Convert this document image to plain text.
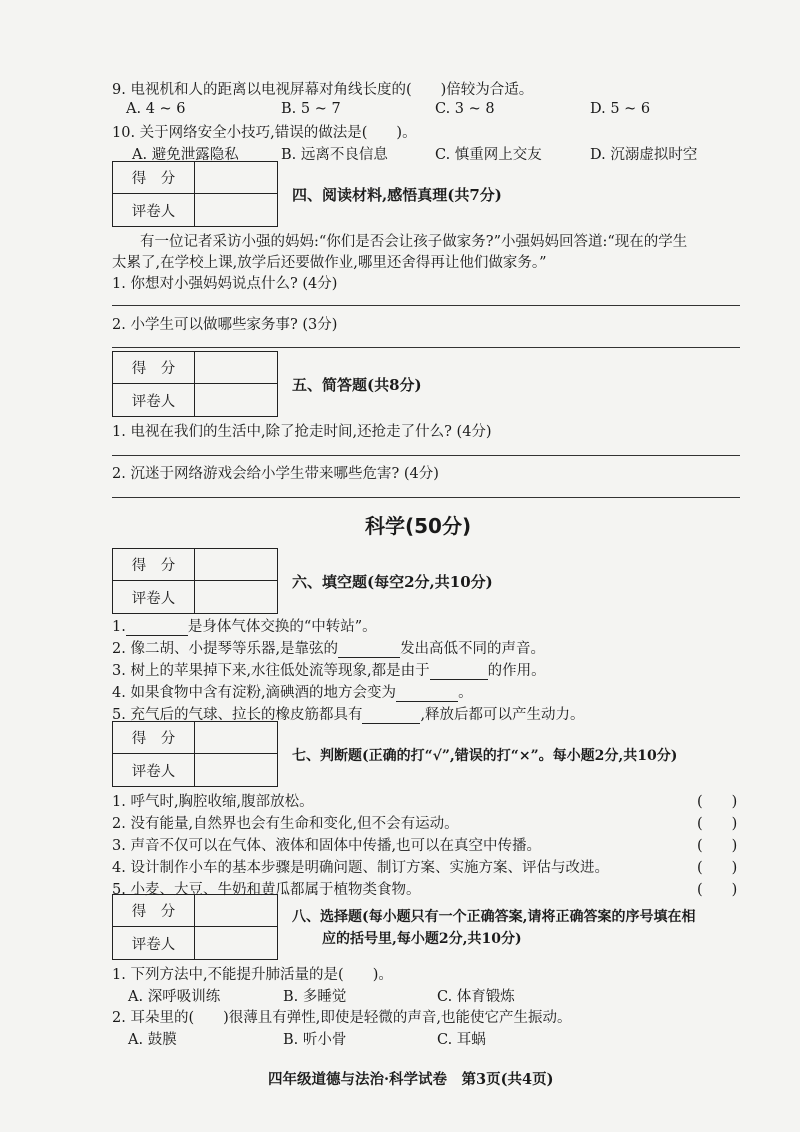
9. 电视机和人的距离以电视屏幕对角线长度的(　　)倍较为合适。
A. 4 ~ 6	B. 5 ~ 7	C. 3 ~ 8	D. 5 ~ 6
10. 关于网络安全小技巧,错误的做法是(　　)。
A. 避免泄露隐私	B. 远离不良信息	C. 慎重网上交友	D. 沉溺虚拟时空
得　分
评卷人
四、阅读材料,感悟真理(共7分)
有一位记者采访小强的妈妈:“你们是否会让孩子做家务?”小强妈妈回答道:“现在的学生
太累了,在学校上课,放学后还要做作业,哪里还舍得再让他们做家务。”
1. 你想对小强妈妈说点什么? (4分)
2. 小学生可以做哪些家务事? (3分)
得　分
评卷人
五、简答题(共8分)
1. 电视在我们的生活中,除了抢走时间,还抢走了什么? (4分)
2. 沉迷于网络游戏会给小学生带来哪些危害? (4分)
科学(50分)
得　分
评卷人
六、填空题(每空2分,共10分)
1.	是身体气体交换的“中转站”。
2. 像二胡、小提琴等乐器,是靠弦的	发出高低不同的声音。
3. 树上的苹果掉下来,水往低处流等现象,都是由于	的作用。
4. 如果食物中含有淀粉,滴碘酒的地方会变为	。
5. 充气后的气球、拉长的橡皮筋都具有	,释放后都可以产生动力。
得　分
评卷人
七、判断题(正确的打“√”,错误的打“×”。每小题2分,共10分)
1. 呼气时,胸腔收缩,腹部放松。	(　　)
2. 没有能量,自然界也会有生命和变化,但不会有运动。	(　　)
3. 声音不仅可以在气体、液体和固体中传播,也可以在真空中传播。	(　　)
4. 设计制作小车的基本步骤是明确问题、制订方案、实施方案、评估与改进。	(　　)
5. 小麦、大豆、牛奶和黄瓜都属于植物类食物。	(　　)
得　分
评卷人
八、选择题(每小题只有一个正确答案,请将正确答案的序号填在相
应的括号里,每小题2分,共10分)
1. 下列方法中,不能提升肺活量的是(　　)。
A. 深呼吸训练	B. 多睡觉	C. 体育锻炼
2. 耳朵里的(　　)很薄且有弹性,即使是轻微的声音,也能使它产生振动。
A. 鼓膜	B. 听小骨	C. 耳蜗
四年级道德与法治·科学试卷　第3页(共4页)
